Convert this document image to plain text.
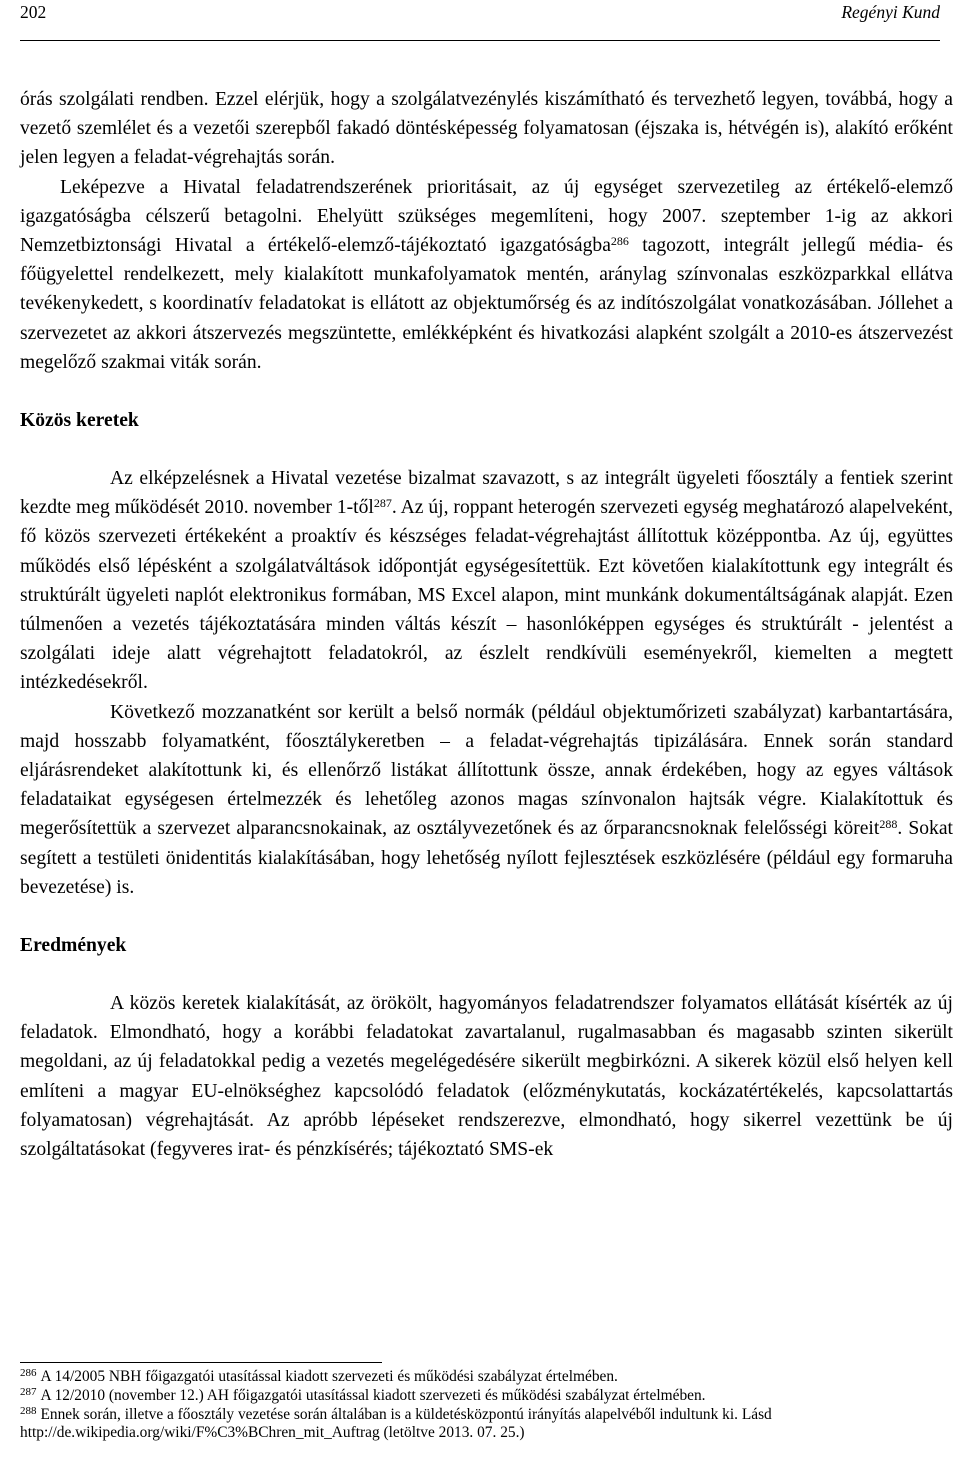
202	Regényi Kund

órás szolgálati rendben. Ezzel elérjük, hogy a szolgálatvezénylés kiszámítható és tervezhető legyen, továbbá, hogy a vezető szemlélet és a vezetői szerepből fakadó döntésképesség folyamatosan (éjszaka is, hétvégén is), alakító erőként jelen legyen a feladat-végrehajtás során.

Leképezve a Hivatal feladatrendszerének prioritásait, az új egységet szervezetileg az értékelő-elemző igazgatóságba célszerű betagolni. Ehelyütt szükséges megemlíteni, hogy 2007. szeptember 1-ig az akkori Nemzetbiztonsági Hivatal a értékelő-elemző-tájékoztató igazgatóságba$^{286}$ tagozott, integrált jellegű média- és főügyelettel rendelkezett, mely kialakított munkafolyamatok mentén, aránylag színvonalas eszközparkkal ellátva tevékenykedett, s koordinatív feladatokat is ellátott az objektumőrség és az indítószolgálat vonatkozásában. Jóllehet a szervezetet az akkori átszervezés megszüntette, emlékképként és hivatkozási alapként szolgált a 2010-es átszervezést megelőző szakmai viták során.

Közös keretek

Az elképzelésnek a Hivatal vezetése bizalmat szavazott, s az integrált ügyeleti főosztály a fentiek szerint kezdte meg működését 2010. november 1-től$^{287}$. Az új, roppant heterogén szervezeti egység meghatározó alapelveként, fő közös szervezeti értékeként a proaktív és készséges feladat-végrehajtást állítottuk középpontba. Az új, együttes működés első lépésként a szolgálatváltások időpontját egységesítettük. Ezt követően kialakítottunk egy integrált és struktúrált ügyeleti naplót elektronikus formában, MS Excel alapon, mint munkánk dokumentáltságának alapját. Ezen túlmenően a vezetés tájékoztatására minden váltás készít – hasonlóképpen egységes és struktúrált - jelentést a szolgálati ideje alatt végrehajtott feladatokról, az észlelt rendkívüli eseményekről, kiemelten a megtett intézkedésekről.

Következő mozzanatként sor került a belső normák (például objektumőrizeti szabályzat) karbantartására, majd hosszabb folyamatként, főosztálykeretben – a feladat-végrehajtás tipizálására. Ennek során standard eljárásrendeket alakítottunk ki, és ellenőrző listákat állítottunk össze, annak érdekében, hogy az egyes váltások feladataikat egységesen értelmezzék és lehetőleg azonos magas színvonalon hajtsák végre. Kialakítottuk és megerősítettük a szervezet alparancsnokainak, az osztályvezetőnek és az őrparancsnoknak felelősségi köreit$^{288}$. Sokat segített a testületi önidentitás kialakításában, hogy lehetőség nyílott fejlesztések eszközlésére (például egy formaruha bevezetése) is.

Eredmények

A közös keretek kialakítását, az örökölt, hagyományos feladatrendszer folyamatos ellátását kísérték az új feladatok. Elmondható, hogy a korábbi feladatokat zavartalanul, rugalmasabban és magasabb szinten sikerült megoldani, az új feladatokkal pedig a vezetés megelégedésére sikerült megbirkózni. A sikerek közül első helyen kell említeni a magyar EU-elnökséghez kapcsolódó feladatok (előzménykutatás, kockázatértékelés, kapcsolattartás folyamatosan) végrehajtását. Az apróbb lépéseket rendszerezve, elmondható, hogy sikerrel vezettünk be új szolgáltatásokat (fegyveres irat- és pénzkísérés; tájékoztató SMS-ek

$^{286}$ A 14/2005 NBH főigazgatói utasítással kiadott szervezeti és működési szabályzat értelmében.

$^{287}$ A 12/2010 (november 12.) AH főigazgatói utasítással kiadott szervezeti és működési szabályzat értelmében.

$^{288}$ Ennek során, illetve a főosztály vezetése során általában is a küldetésközpontú irányítás alapelvéből indultunk ki. Lásd http://de.wikipedia.org/wiki/F%C3%BChren_mit_Auftrag (letöltve 2013. 07. 25.)
